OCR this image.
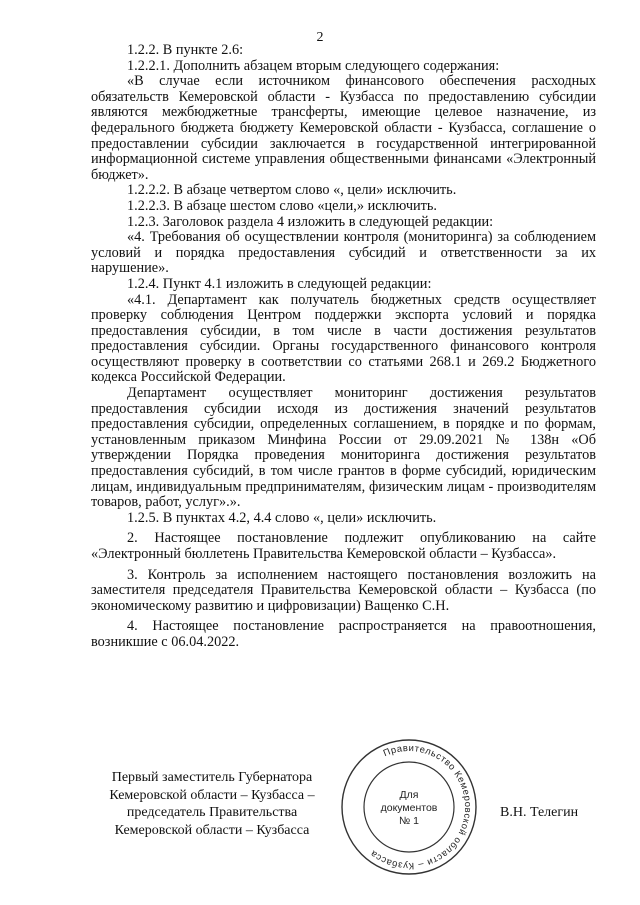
2

1.2.2. В пункте 2.6:

1.2.2.1. Дополнить абзацем вторым следующего содержания:

«В случае если источником финансового обеспечения расходных обязательств Кемеровской области - Кузбасса по предоставлению субсидии являются межбюджетные трансферты, имеющие целевое назначение, из федерального бюджета бюджету Кемеровской области - Кузбасса, соглашение о предоставлении субсидии заключается в государственной интегрированной информационной системе управления общественными финансами «Электронный бюджет».

1.2.2.2. В абзаце четвертом слово «, цели» исключить.

1.2.2.3. В абзаце шестом слово «цели,» исключить.

1.2.3. Заголовок раздела 4 изложить в следующей редакции:

«4. Требования об осуществлении контроля (мониторинга) за соблюдением условий и порядка предоставления субсидий и ответственности за их нарушение».

1.2.4. Пункт 4.1 изложить в следующей редакции:

«4.1. Департамент как получатель бюджетных средств осуществляет проверку соблюдения Центром поддержки экспорта условий и порядка предоставления субсидии, в том числе в части достижения результатов предоставления субсидии. Органы государственного финансового контроля осуществляют проверку в соответствии со статьями 268.1 и 269.2 Бюджетного кодекса Российской Федерации.

Департамент осуществляет мониторинг достижения результатов предоставления субсидии исходя из достижения значений результатов предоставления субсидии, определенных соглашением, в порядке и по формам, установленным приказом Минфина России от 29.09.2021 № 138н «Об утверждении Порядка проведения мониторинга достижения результатов предоставления субсидий, в том числе грантов в форме субсидий, юридическим лицам, индивидуальным предпринимателям, физическим лицам - производителям товаров, работ, услуг».».

1.2.5. В пунктах 4.2, 4.4 слово «, цели» исключить.

2. Настоящее постановление подлежит опубликованию на сайте «Электронный бюллетень Правительства Кемеровской области – Кузбасса».

3. Контроль за исполнением настоящего постановления возложить на заместителя председателя Правительства Кемеровской области – Кузбасса (по экономическому развитию и цифровизации) Ващенко С.Н.

4. Настоящее постановление распространяется на правоотношения, возникшие с 06.04.2022.

Первый заместитель Губернатора
Кемеровской области – Кузбасса –
председатель Правительства
Кемеровской области – Кузбасса
Правительство Кемеровской области – Кузбасса
Для
документов
№ 1
В.Н. Телегин
